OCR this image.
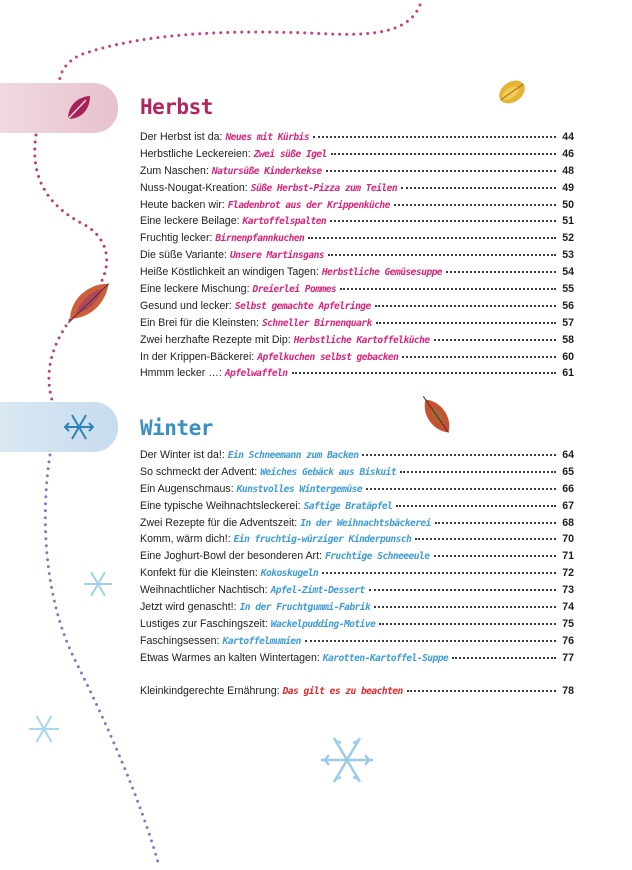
Herbst
Winter
Der Herbst ist da: Neues mit Kürbis	44
Herbstliche Leckereien: Zwei süße Igel	46
Zum Naschen: Natursüße Kinderkekse	48
Nuss-Nougat-Kreation: Süße Herbst-Pizza zum Teilen	49
Heute backen wir: Fladenbrot aus der Krippenküche	50
Eine leckere Beilage: Kartoffelspalten	51
Fruchtig lecker: Birnenpfannkuchen	52
Die süße Variante: Unsere Martinsgans	53
Heiße Köstlichkeit an windigen Tagen: Herbstliche Gemüsesuppe	54
Eine leckere Mischung: Dreierlei Pommes	55
Gesund und lecker: Selbst gemachte Apfelringe	56
Ein Brei für die Kleinsten: Schneller Birnenquark	57
Zwei herzhafte Rezepte mit Dip: Herbstliche Kartoffelküche	58
In der Krippen-Bäckerei: Apfelkuchen selbst gebacken	60
Hmmm lecker …: Apfelwaffeln	61
Der Winter ist da!: Ein Schneemann zum Backen	64
So schmeckt der Advent: Weiches Gebäck aus Biskuit	65
Ein Augenschmaus: Kunstvolles Wintergemüse	66
Eine typische Weihnachtsleckerei: Saftige Bratäpfel	67
Zwei Rezepte für die Adventszeit: In der Weihnachtsbäckerei	68
Komm, wärm dich!: Ein fruchtig-würziger Kinderpunsch	70
Eine Joghurt-Bowl der besonderen Art: Fruchtige Schneeeule	71
Konfekt für die Kleinsten: Kokoskugeln	72
Weihnachtlicher Nachtisch: Apfel-Zimt-Dessert	73
Jetzt wird genascht!: In der Fruchtgummi-Fabrik	74
Lustiges zur Faschingszeit: Wackelpudding-Motive	75
Faschingsessen: Kartoffelmumien	76
Etwas Warmes an kalten Wintertagen: Karotten-Kartoffel-Suppe	77
Kleinkindgerechte Ernährung: Das gilt es zu beachten	78
